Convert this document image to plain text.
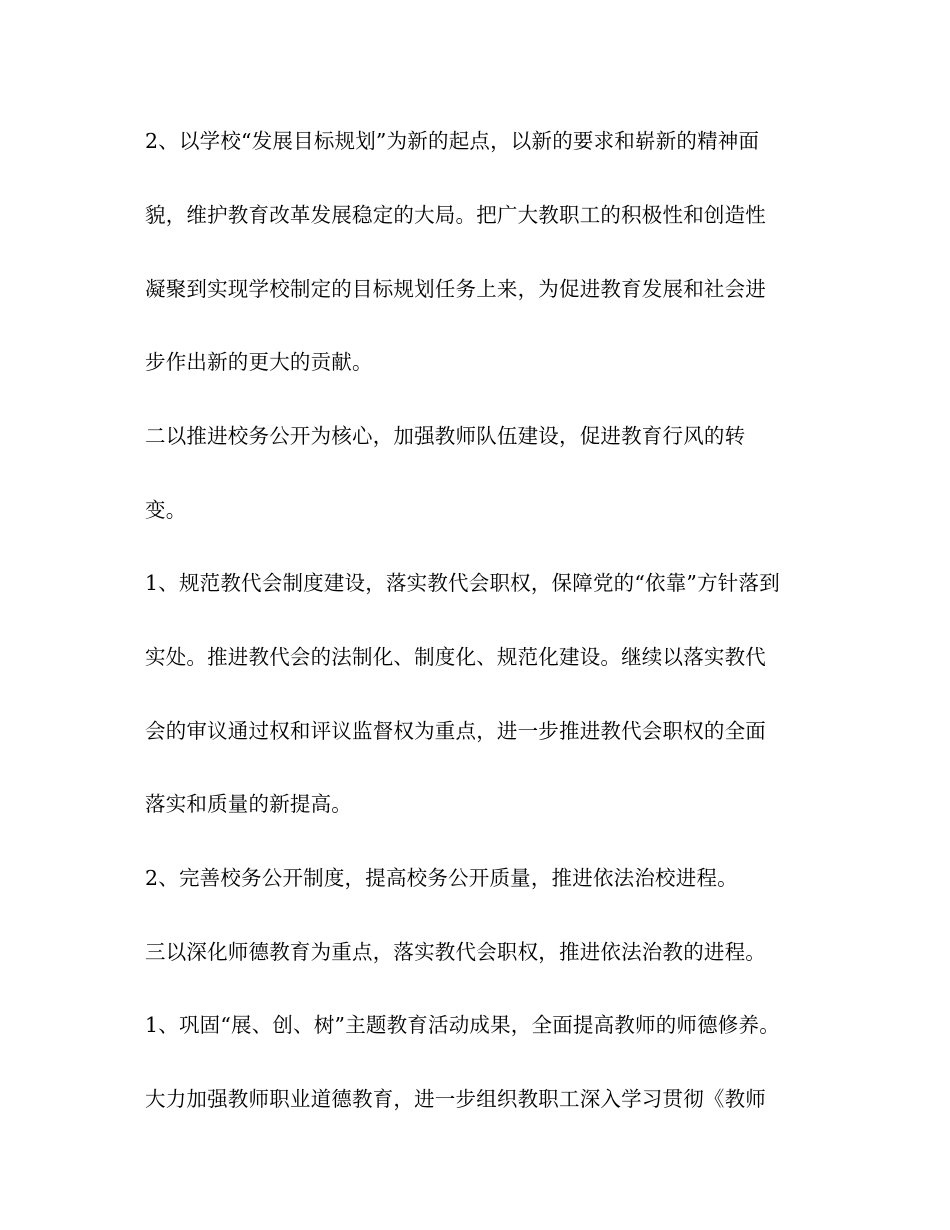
2、以学校“发展目标规划”为新的起点，以新的要求和崭新的精神面
貌，维护教育改革发展稳定的大局。把广大教职工的积极性和创造性
凝聚到实现学校制定的目标规划任务上来，为促进教育发展和社会进
步作出新的更大的贡献。
二以推进校务公开为核心，加强教师队伍建设，促进教育行风的转
变。
1、规范教代会制度建设，落实教代会职权，保障党的“依靠”方针落到
实处。推进教代会的法制化、制度化、规范化建设。继续以落实教代
会的审议通过权和评议监督权为重点，进一步推进教代会职权的全面
落实和质量的新提高。
2、完善校务公开制度，提高校务公开质量，推进依法治校进程。
三以深化师德教育为重点，落实教代会职权，推进依法治教的进程。
1、巩固“展、创、树”主题教育活动成果，全面提高教师的师德修养。
大力加强教师职业道德教育，进一步组织教职工深入学习贯彻《教师
